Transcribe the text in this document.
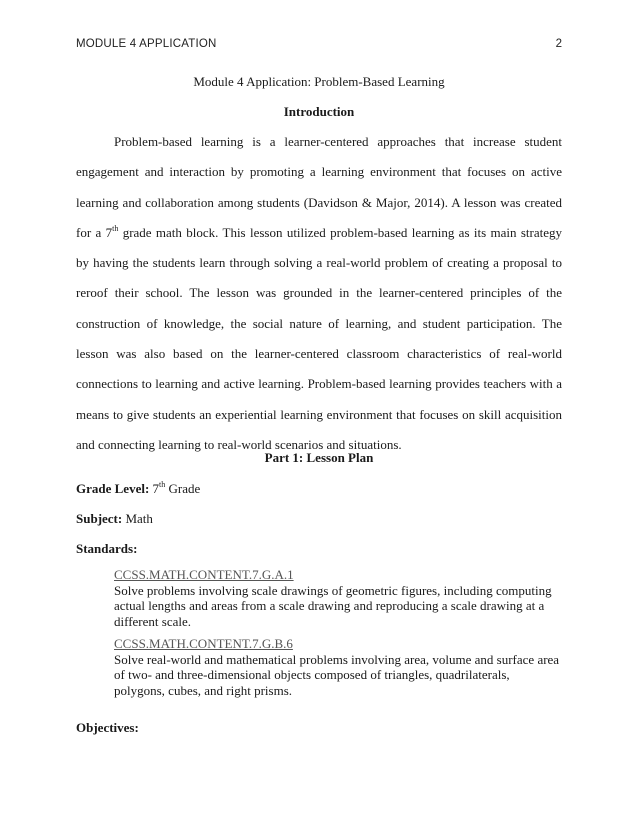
MODULE 4 APPLICATION	2
Module 4 Application: Problem-Based Learning
Introduction

Problem-based learning is a learner-centered approaches that increase student engagement and interaction by promoting a learning environment that focuses on active learning and collaboration among students (Davidson & Major, 2014). A lesson was created for a 7th grade math block. This lesson utilized problem-based learning as its main strategy by having the students learn through solving a real-world problem of creating a proposal to reroof their school. The lesson was grounded in the learner-centered principles of the construction of knowledge, the social nature of learning, and student participation. The lesson was also based on the learner-centered classroom characteristics of real-world connections to learning and active learning. Problem-based learning provides teachers with a means to give students an experiential learning environment that focuses on skill acquisition and connecting learning to real-world scenarios and situations.

Part 1: Lesson Plan
Grade Level: 7th Grade
Subject: Math
Standards:
CCSS.MATH.CONTENT.7.G.A.1
Solve problems involving scale drawings of geometric figures, including computing actual lengths and areas from a scale drawing and reproducing a scale drawing at a different scale.
CCSS.MATH.CONTENT.7.G.B.6
Solve real-world and mathematical problems involving area, volume and surface area of two- and three-dimensional objects composed of triangles, quadrilaterals, polygons, cubes, and right prisms.
Objectives:
